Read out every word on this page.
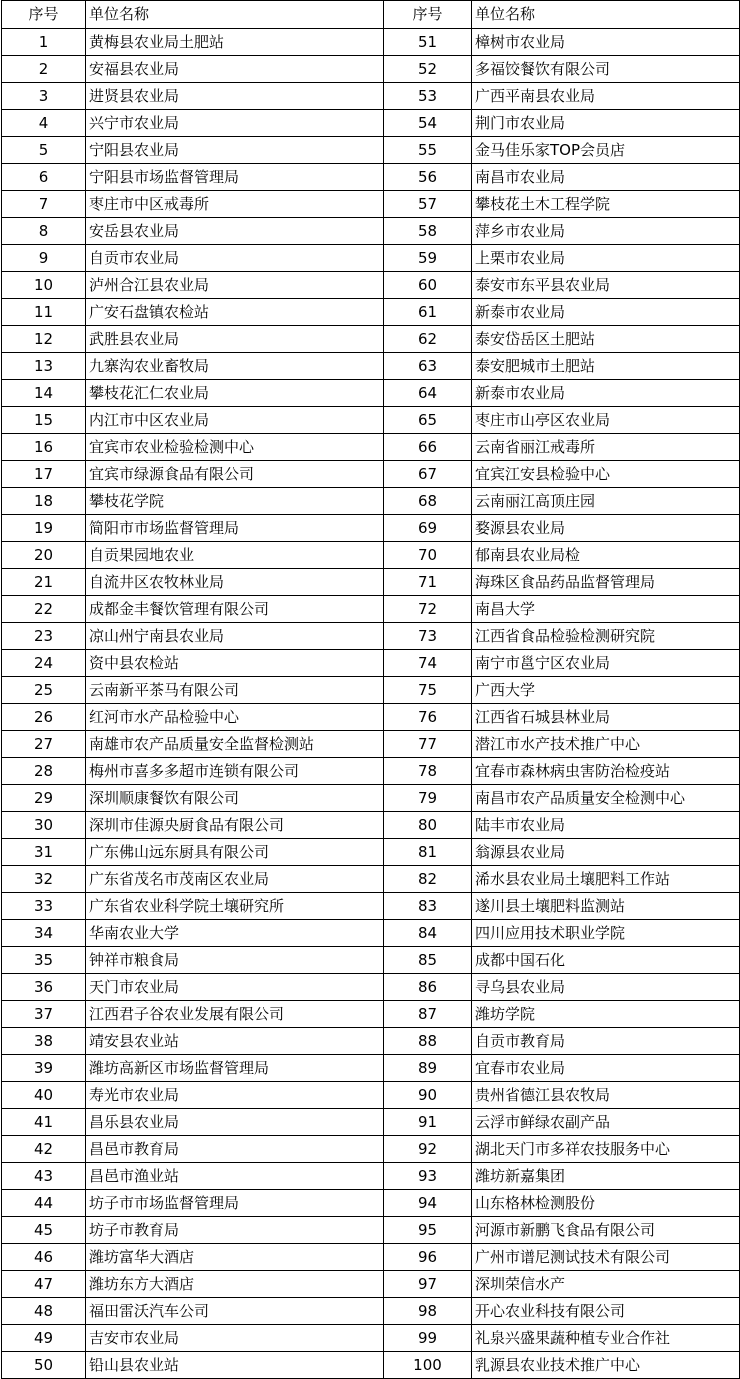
序号	单位名称	序号	单位名称
1	黄梅县农业局土肥站	51	樟树市农业局
2	安福县农业局	52	多福饺餐饮有限公司
3	进贤县农业局	53	广西平南县农业局
4	兴宁市农业局	54	荆门市农业局
5	宁阳县农业局	55	金马佳乐家TOP会员店
6	宁阳县市场监督管理局	56	南昌市农业局
7	枣庄市中区戒毒所	57	攀枝花土木工程学院
8	安岳县农业局	58	萍乡市农业局
9	自贡市农业局	59	上栗市农业局
10	泸州合江县农业局	60	泰安市东平县农业局
11	广安石盘镇农检站	61	新泰市农业局
12	武胜县农业局	62	泰安岱岳区土肥站
13	九寨沟农业畜牧局	63	泰安肥城市土肥站
14	攀枝花汇仁农业局	64	新泰市农业局
15	内江市中区农业局	65	枣庄市山亭区农业局
16	宜宾市农业检验检测中心	66	云南省丽江戒毒所
17	宜宾市绿源食品有限公司	67	宜宾江安县检验中心
18	攀枝花学院	68	云南丽江高顶庄园
19	简阳市市场监督管理局	69	婺源县农业局
20	自贡果园地农业	70	郁南县农业局检
21	自流井区农牧林业局	71	海珠区食品药品监督管理局
22	成都金丰餐饮管理有限公司	72	南昌大学
23	凉山州宁南县农业局	73	江西省食品检验检测研究院
24	资中县农检站	74	南宁市邕宁区农业局
25	云南新平茶马有限公司	75	广西大学
26	红河市水产品检验中心	76	江西省石城县林业局
27	南雄市农产品质量安全监督检测站	77	潜江市水产技术推广中心
28	梅州市喜多多超市连锁有限公司	78	宜春市森林病虫害防治检疫站
29	深圳顺康餐饮有限公司	79	南昌市农产品质量安全检测中心
30	深圳市佳源央厨食品有限公司	80	陆丰市农业局
31	广东佛山远东厨具有限公司	81	翁源县农业局
32	广东省茂名市茂南区农业局	82	浠水县农业局土壤肥料工作站
33	广东省农业科学院土壤研究所	83	遂川县土壤肥料监测站
34	华南农业大学	84	四川应用技术职业学院
35	钟祥市粮食局	85	成都中国石化
36	天门市农业局	86	寻乌县农业局
37	江西君子谷农业发展有限公司	87	潍坊学院
38	靖安县农业站	88	自贡市教育局
39	潍坊高新区市场监督管理局	89	宜春市农业局
40	寿光市农业局	90	贵州省德江县农牧局
41	昌乐县农业局	91	云浮市鲜绿农副产品
42	昌邑市教育局	92	湖北天门市多祥农技服务中心
43	昌邑市渔业站	93	潍坊新嘉集团
44	坊子市市场监督管理局	94	山东格林检测股份
45	坊子市教育局	95	河源市新鹏飞食品有限公司
46	潍坊富华大酒店	96	广州市谱尼测试技术有限公司
47	潍坊东方大酒店	97	深圳荣信水产
48	福田雷沃汽车公司	98	开心农业科技有限公司
49	吉安市农业局	99	礼泉兴盛果蔬种植专业合作社
50	铅山县农业站	100	乳源县农业技术推广中心
